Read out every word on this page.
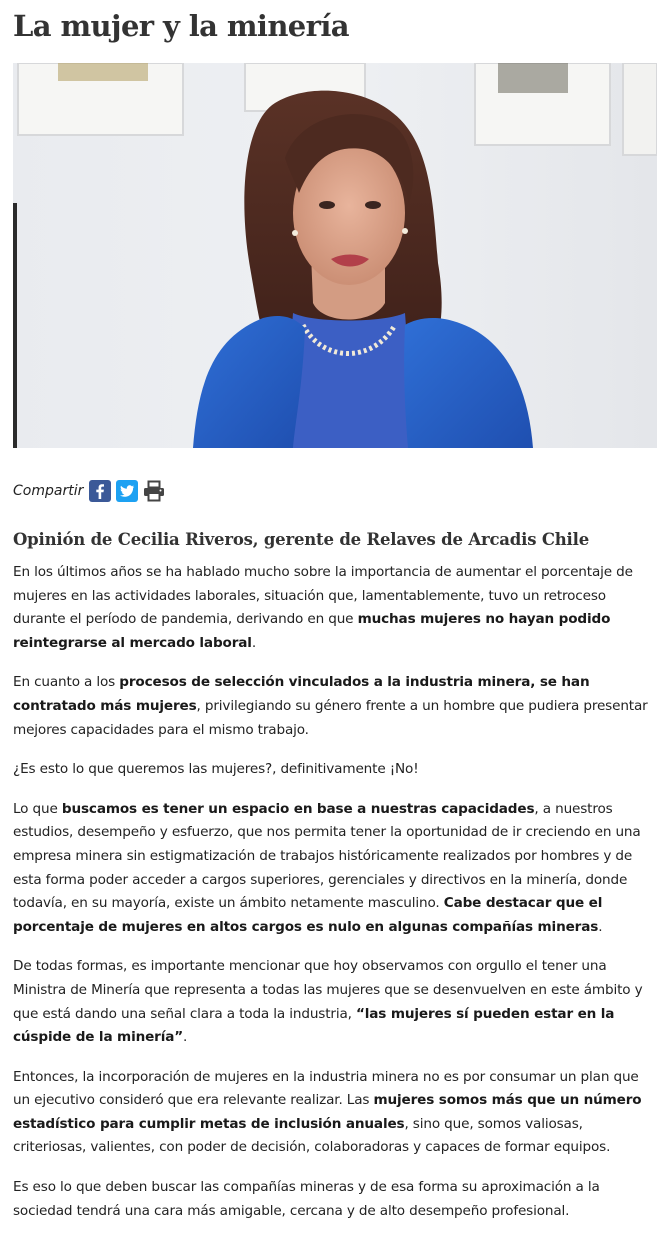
La mujer y la minería
Compartir
Opinión de Cecilia Riveros, gerente de Relaves de Arcadis Chile

En los últimos años se ha hablado mucho sobre la importancia de aumentar el porcentaje de mujeres en las actividades laborales, situación que, lamentablemente, tuvo un retroceso durante el período de pandemia, derivando en que muchas mujeres no hayan podido reintegrarse al mercado laboral.

En cuanto a los procesos de selección vinculados a la industria minera, se han contratado más mujeres, privilegiando su género frente a un hombre que pudiera presentar mejores capacidades para el mismo trabajo.

¿Es esto lo que queremos las mujeres?, definitivamente ¡No!

Lo que buscamos es tener un espacio en base a nuestras capacidades, a nuestros estudios, desempeño y esfuerzo, que nos permita tener la oportunidad de ir creciendo en una empresa minera sin estigmatización de trabajos históricamente realizados por hombres y de esta forma poder acceder a cargos superiores, gerenciales y directivos en la minería, donde todavía, en su mayoría, existe un ámbito netamente masculino. Cabe destacar que el porcentaje de mujeres en altos cargos es nulo en algunas compañías mineras.

De todas formas, es importante mencionar que hoy observamos con orgullo el tener una Ministra de Minería que representa a todas las mujeres que se desenvuelven en este ámbito y que está dando una señal clara a toda la industria, “las mujeres sí pueden estar en la cúspide de la minería”.

Entonces, la incorporación de mujeres en la industria minera no es por consumar un plan que un ejecutivo consideró que era relevante realizar. Las mujeres somos más que un número estadístico para cumplir metas de inclusión anuales, sino que, somos valiosas, criteriosas, valientes, con poder de decisión, colaboradoras y capaces de formar equipos.

Es eso lo que deben buscar las compañías mineras y de esa forma su aproximación a la sociedad tendrá una cara más amigable, cercana y de alto desempeño profesional.
